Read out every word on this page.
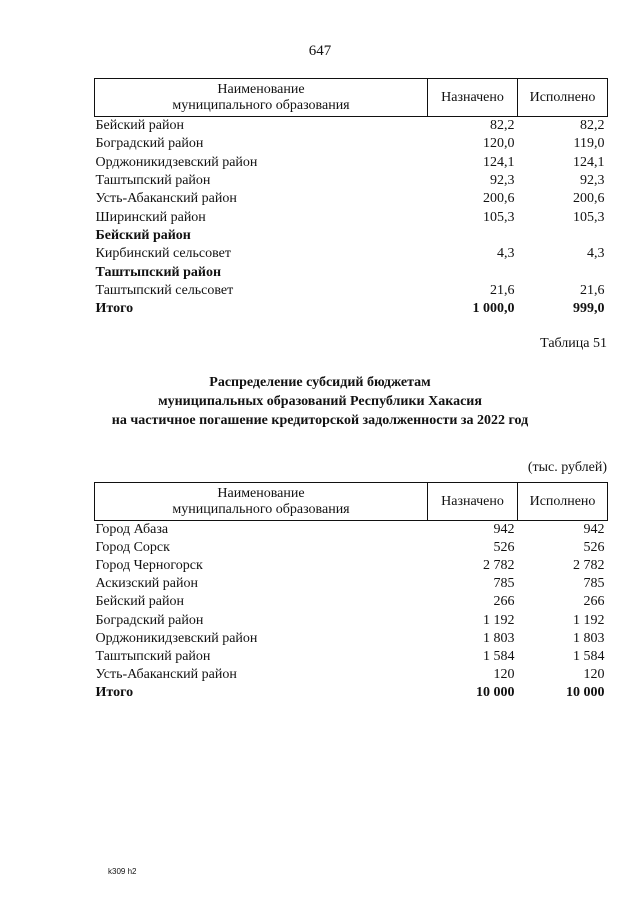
647
Наименование
муниципального образования	Назначено	Исполнено
Бейский район	82,2	82,2
Боградский район	120,0	119,0
Орджоникидзевский район	124,1	124,1
Таштыпский район	92,3	92,3
Усть-Абаканский район	200,6	200,6
Ширинский район	105,3	105,3
Бейский район		
Кирбинский сельсовет	4,3	4,3
Таштыпский район		
Таштыпский сельсовет	21,6	21,6
Итого	1 000,0	999,0
Таблица 51
Распределение субсидий бюджетам
муниципальных образований Республики Хакасия
на частичное погашение кредиторской задолженности за 2022 год
(тыс. рублей)
Наименование
муниципального образования	Назначено	Исполнено
Город Абаза	942	942
Город Сорск	526	526
Город Черногорск	2 782	2 782
Аскизский район	785	785
Бейский район	266	266
Боградский район	1 192	1 192
Орджоникидзевский район	1 803	1 803
Таштыпский район	1 584	1 584
Усть-Абаканский район	120	120
Итого	10 000	10 000
k309 h2
